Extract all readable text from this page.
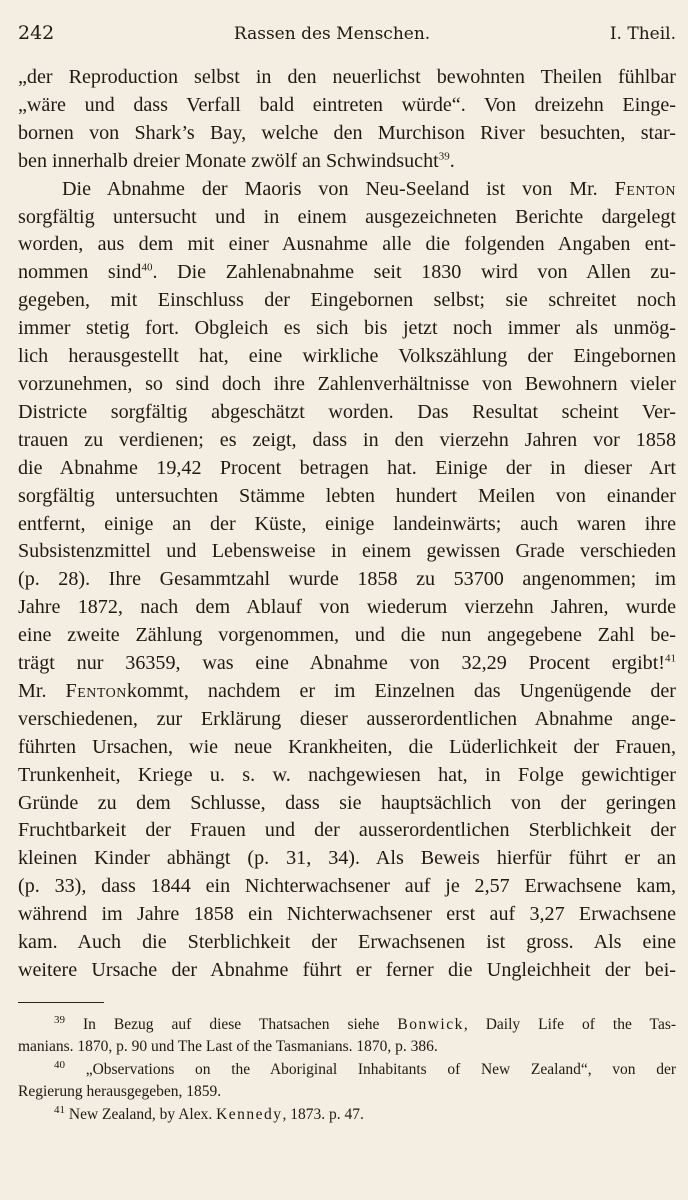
242	Rassen des Menschen.	I. Theil.
„der Reproduction selbst in den neuerlichst bewohnten Theilen fühlbar
„wäre und dass Verfall bald eintreten würde“. Von dreizehn Einge-
bornen von Shark’s Bay, welche den Murchison River besuchten, star-
ben innerhalb dreier Monate zwölf an Schwindsucht$^{39}$.
Die Abnahme der Maoris von Neu-Seeland ist von Mr. Fenton
sorgfältig untersucht und in einem ausgezeichneten Berichte dargelegt
worden, aus dem mit einer Ausnahme alle die folgenden Angaben ent-
nommen sind$^{40}$. Die Zahlenabnahme seit 1830 wird von Allen zu-
gegeben, mit Einschluss der Eingebornen selbst; sie schreitet noch
immer stetig fort. Obgleich es sich bis jetzt noch immer als unmög-
lich herausgestellt hat, eine wirkliche Volkszählung der Eingebornen
vorzunehmen, so sind doch ihre Zahlenverhältnisse von Bewohnern vieler
Districte sorgfältig abgeschätzt worden. Das Resultat scheint Ver-
trauen zu verdienen; es zeigt, dass in den vierzehn Jahren vor 1858
die Abnahme 19,42 Procent betragen hat. Einige der in dieser Art
sorgfältig untersuchten Stämme lebten hundert Meilen von einander
entfernt, einige an der Küste, einige landeinwärts; auch waren ihre
Subsistenzmittel und Lebensweise in einem gewissen Grade verschieden
(p. 28). Ihre Gesammtzahl wurde 1858 zu 53700 angenommen; im
Jahre 1872, nach dem Ablauf von wiederum vierzehn Jahren, wurde
eine zweite Zählung vorgenommen, und die nun angegebene Zahl be-
trägt nur 36359, was eine Abnahme von 32,29 Procent ergibt!$^{41}$
Mr. Fentonkommt, nachdem er im Einzelnen das Ungenügende der
verschiedenen, zur Erklärung dieser ausserordentlichen Abnahme ange-
führten Ursachen, wie neue Krankheiten, die Lüderlichkeit der Frauen,
Trunkenheit, Kriege u. s. w. nachgewiesen hat, in Folge gewichtiger
Gründe zu dem Schlusse, dass sie hauptsächlich von der geringen
Fruchtbarkeit der Frauen und der ausserordentlichen Sterblichkeit der
kleinen Kinder abhängt (p. 31, 34). Als Beweis hierfür führt er an
(p. 33), dass 1844 ein Nichterwachsener auf je 2,57 Erwachsene kam,
während im Jahre 1858 ein Nichterwachsener erst auf 3,27 Erwachsene
kam. Auch die Sterblichkeit der Erwachsenen ist gross. Als eine
weitere Ursache der Abnahme führt er ferner die Ungleichheit der bei-
$^{39}$ In Bezug auf diese Thatsachen siehe Bonwick, Daily Life of the Tas-
manians. 1870, p. 90 und The Last of the Tasmanians. 1870, p. 386.
$^{40}$ „Observations on the Aboriginal Inhabitants of New Zealand“, von der
Regierung herausgegeben, 1859.
$^{41}$ New Zealand, by Alex. Kennedy, 1873. p. 47.
